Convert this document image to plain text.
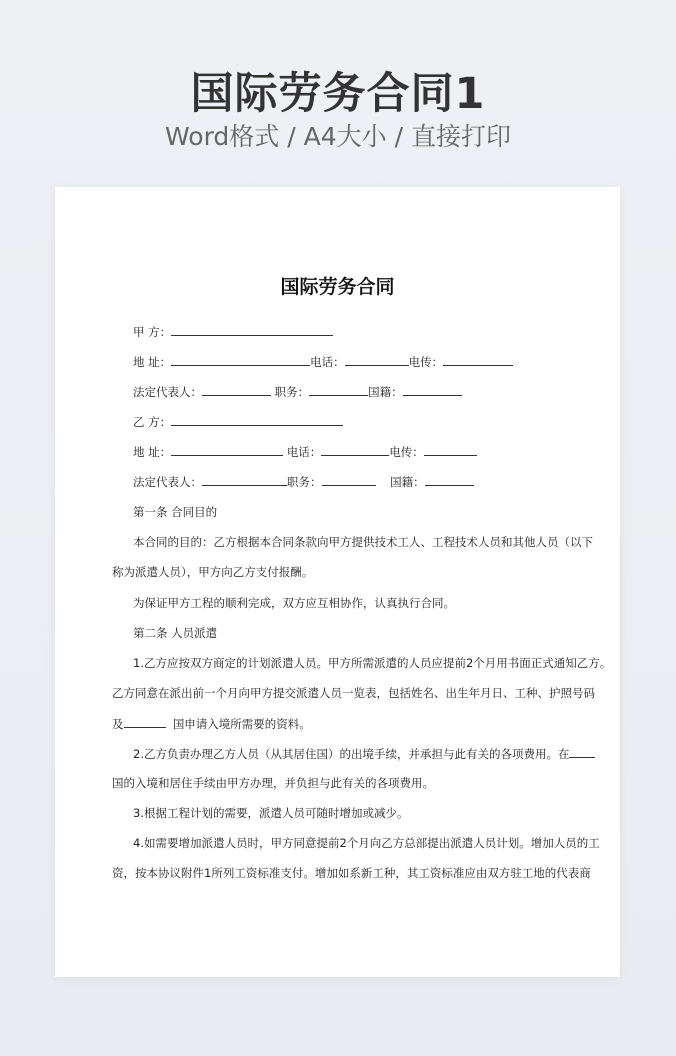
国际劳务合同1
Word格式 / A4大小 / 直接打印
国际劳务合同
甲 方：
地 址：	电话：	电传：
法定代表人：	职务：	国籍：
乙 方：
地 址：	电话：	电传：
法定代表人：	职务：	国籍：
第一条 合同目的
本合同的目的：乙方根据本合同条款向甲方提供技术工人、工程技术人员和其他人员（以下
称为派遣人员），甲方向乙方支付报酬。
为保证甲方工程的顺利完成，双方应互相协作，认真执行合同。
第二条 人员派遣
1.乙方应按双方商定的计划派遣人员。甲方所需派遣的人员应提前2个月用书面正式通知乙方。
乙方同意在派出前一个月向甲方提交派遣人员一览表，包括姓名、出生年月日、工种、护照号码
及	国申请入境所需要的资料。
2.乙方负责办理乙方人员（从其居住国）的出境手续，并承担与此有关的各项费用。在
国的入境和居住手续由甲方办理，并负担与此有关的各项费用。
3.根据工程计划的需要，派遣人员可随时增加或减少。
4.如需要增加派遣人员时，甲方同意提前2个月向乙方总部提出派遣人员计划。增加人员的工
资，按本协议附件1所列工资标准支付。增加如系新工种，其工资标准应由双方驻工地的代表商
